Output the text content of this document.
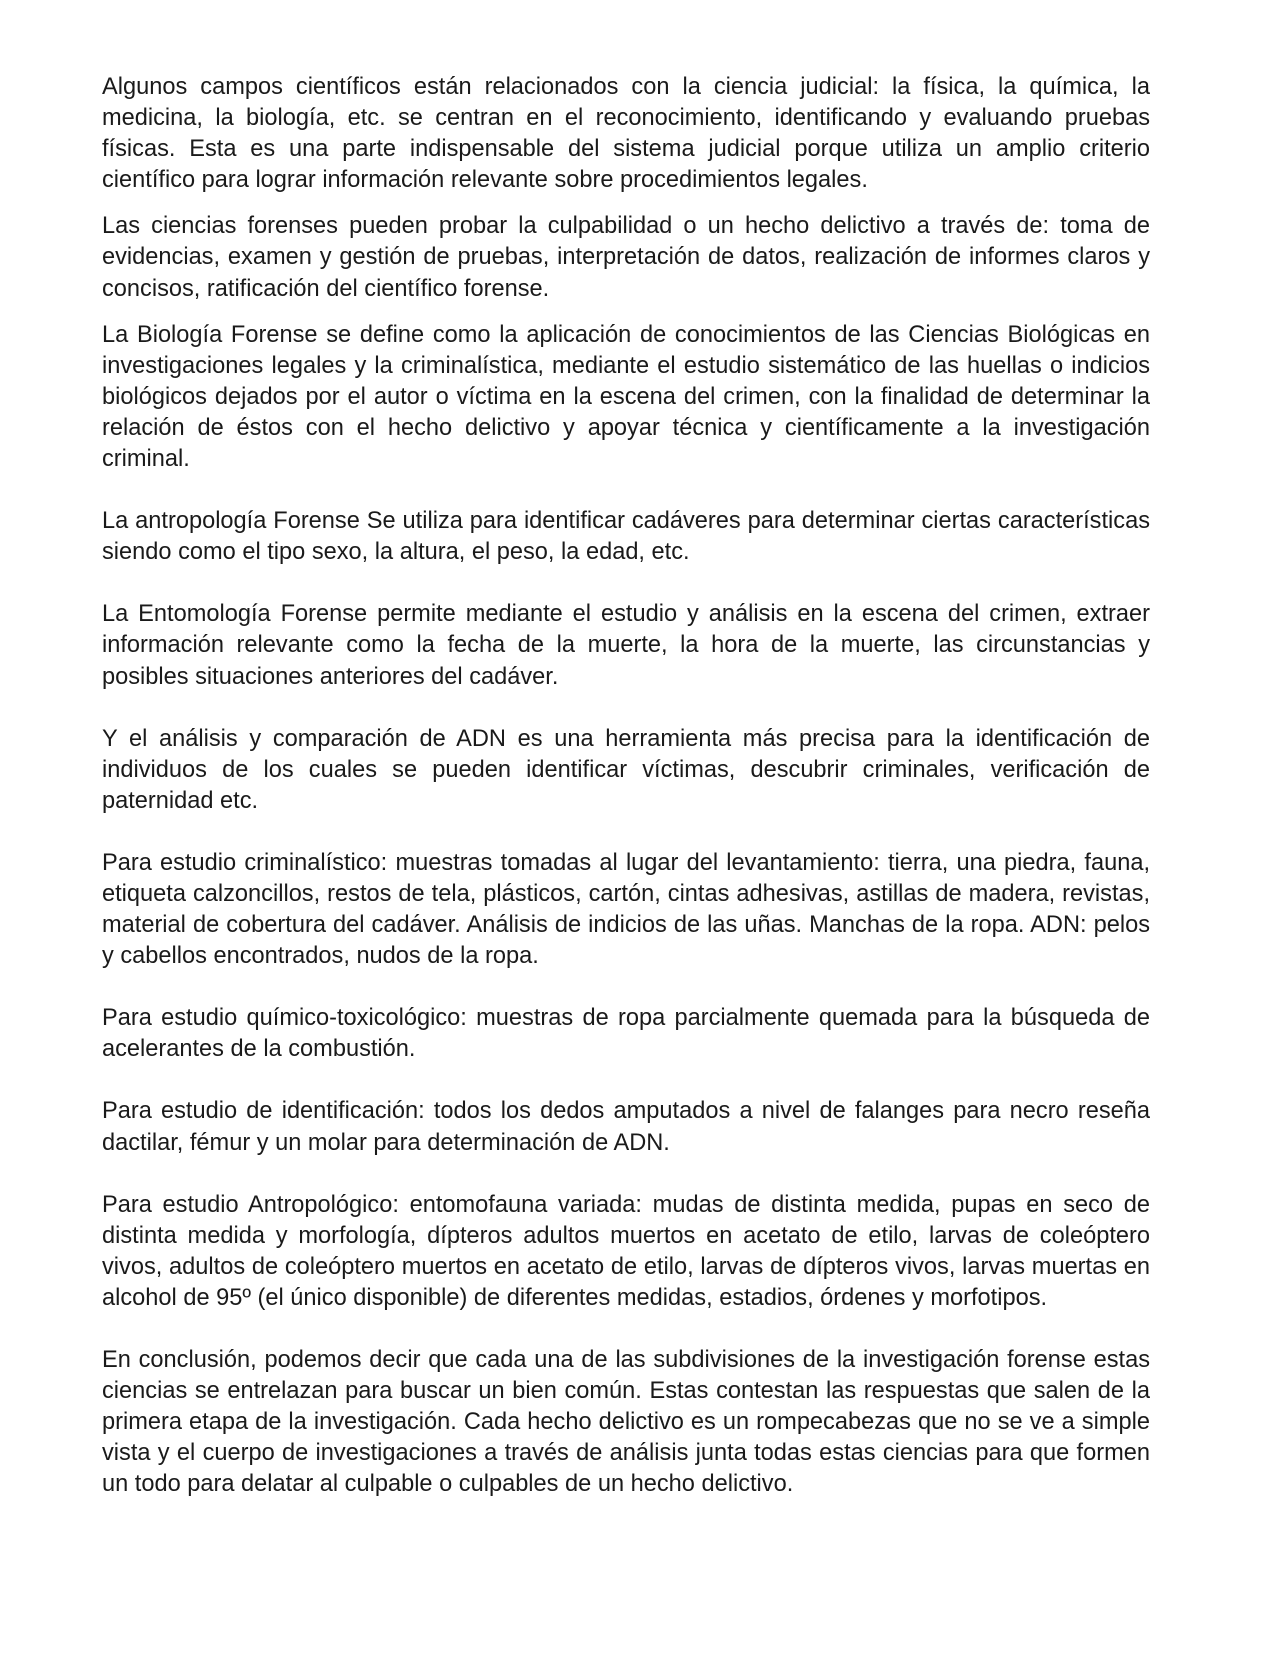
Algunos campos científicos están relacionados con la ciencia judicial: la física, la química, la medicina, la biología, etc. se centran en el reconocimiento, identificando y evaluando pruebas físicas. Esta es una parte indispensable del sistema judicial porque utiliza un amplio criterio científico para lograr información relevante sobre procedimientos legales.

Las ciencias forenses pueden probar la culpabilidad o un hecho delictivo a través de: toma de evidencias, examen y gestión de pruebas, interpretación de datos, realización de informes claros y concisos, ratificación del científico forense.

La Biología Forense se define como la aplicación de conocimientos de las Ciencias Biológicas en investigaciones legales y la criminalística, mediante el estudio sistemático de las huellas o indicios biológicos dejados por el autor o víctima en la escena del crimen, con la finalidad de determinar la relación de éstos con el hecho delictivo y apoyar técnica y científicamente a la investigación criminal.

La antropología Forense Se utiliza para identificar cadáveres para determinar ciertas características siendo como el tipo sexo, la altura, el peso, la edad, etc.

La Entomología Forense permite mediante el estudio y análisis en la escena del crimen, extraer información relevante como la fecha de la muerte, la hora de la muerte, las circunstancias y posibles situaciones anteriores del cadáver.

Y el análisis y comparación de ADN es una herramienta más precisa para la identificación de individuos de los cuales se pueden identificar víctimas, descubrir criminales, verificación de paternidad etc.

Para estudio criminalístico: muestras tomadas al lugar del levantamiento: tierra, una piedra, fauna, etiqueta calzoncillos, restos de tela, plásticos, cartón, cintas adhesivas, astillas de madera, revistas, material de cobertura del cadáver. Análisis de indicios de las uñas. Manchas de la ropa. ADN: pelos y cabellos encontrados, nudos de la ropa.

Para estudio químico-toxicológico: muestras de ropa parcialmente quemada para la búsqueda de acelerantes de la combustión.

Para estudio de identificación: todos los dedos amputados a nivel de falanges para necro reseña dactilar, fémur y un molar para determinación de ADN.

Para estudio Antropológico: entomofauna variada: mudas de distinta medida, pupas en seco de distinta medida y morfología, dípteros adultos muertos en acetato de etilo, larvas de coleóptero vivos, adultos de coleóptero muertos en acetato de etilo, larvas de dípteros vivos, larvas muertas en alcohol de 95º (el único disponible) de diferentes medidas, estadios, órdenes y morfotipos.

En conclusión, podemos decir que cada una de las subdivisiones de la investigación forense estas ciencias se entrelazan para buscar un bien común. Estas contestan las respuestas que salen de la primera etapa de la investigación. Cada hecho delictivo es un rompecabezas que no se ve a simple vista y el cuerpo de investigaciones a través de análisis junta todas estas ciencias para que formen un todo para delatar al culpable o culpables de un hecho delictivo.
